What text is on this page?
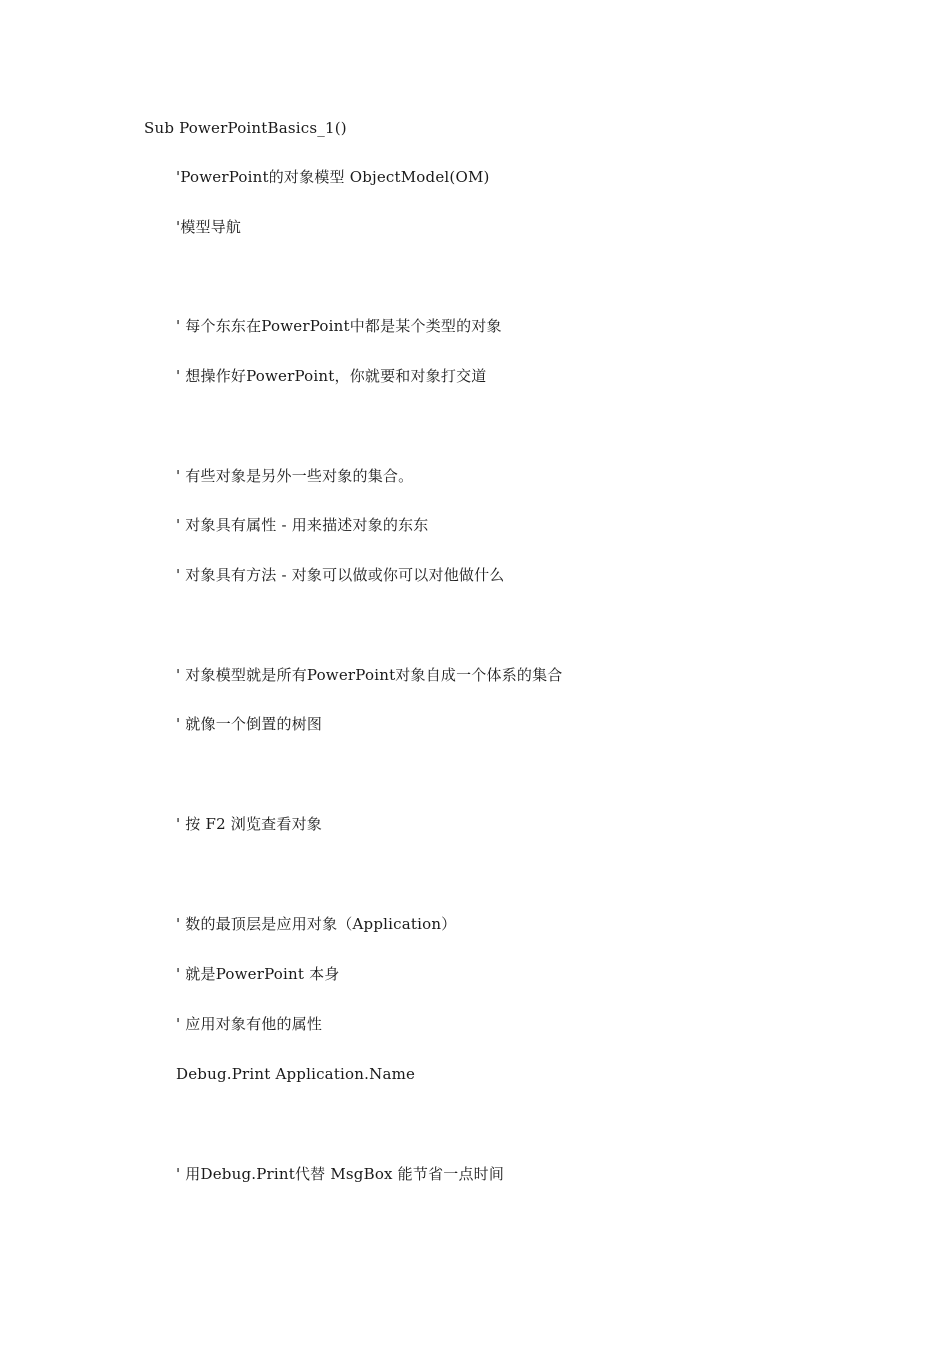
Sub PowerPointBasics_1()
'PowerPoint的对象模型 ObjectModel(OM)
'模型导航
' 每个东东在PowerPoint中都是某个类型的对象
' 想操作好PowerPoint，你就要和对象打交道
' 有些对象是另外一些对象的集合。
' 对象具有属性 - 用来描述对象的东东
' 对象具有方法 - 对象可以做或你可以对他做什么
' 对象模型就是所有PowerPoint对象自成一个体系的集合
' 就像一个倒置的树图
' 按 F2 浏览查看对象
' 数的最顶层是应用对象（Application）
' 就是PowerPoint 本身
' 应用对象有他的属性
Debug.Print Application.Name
' 用Debug.Print代替 MsgBox 能节省一点时间
